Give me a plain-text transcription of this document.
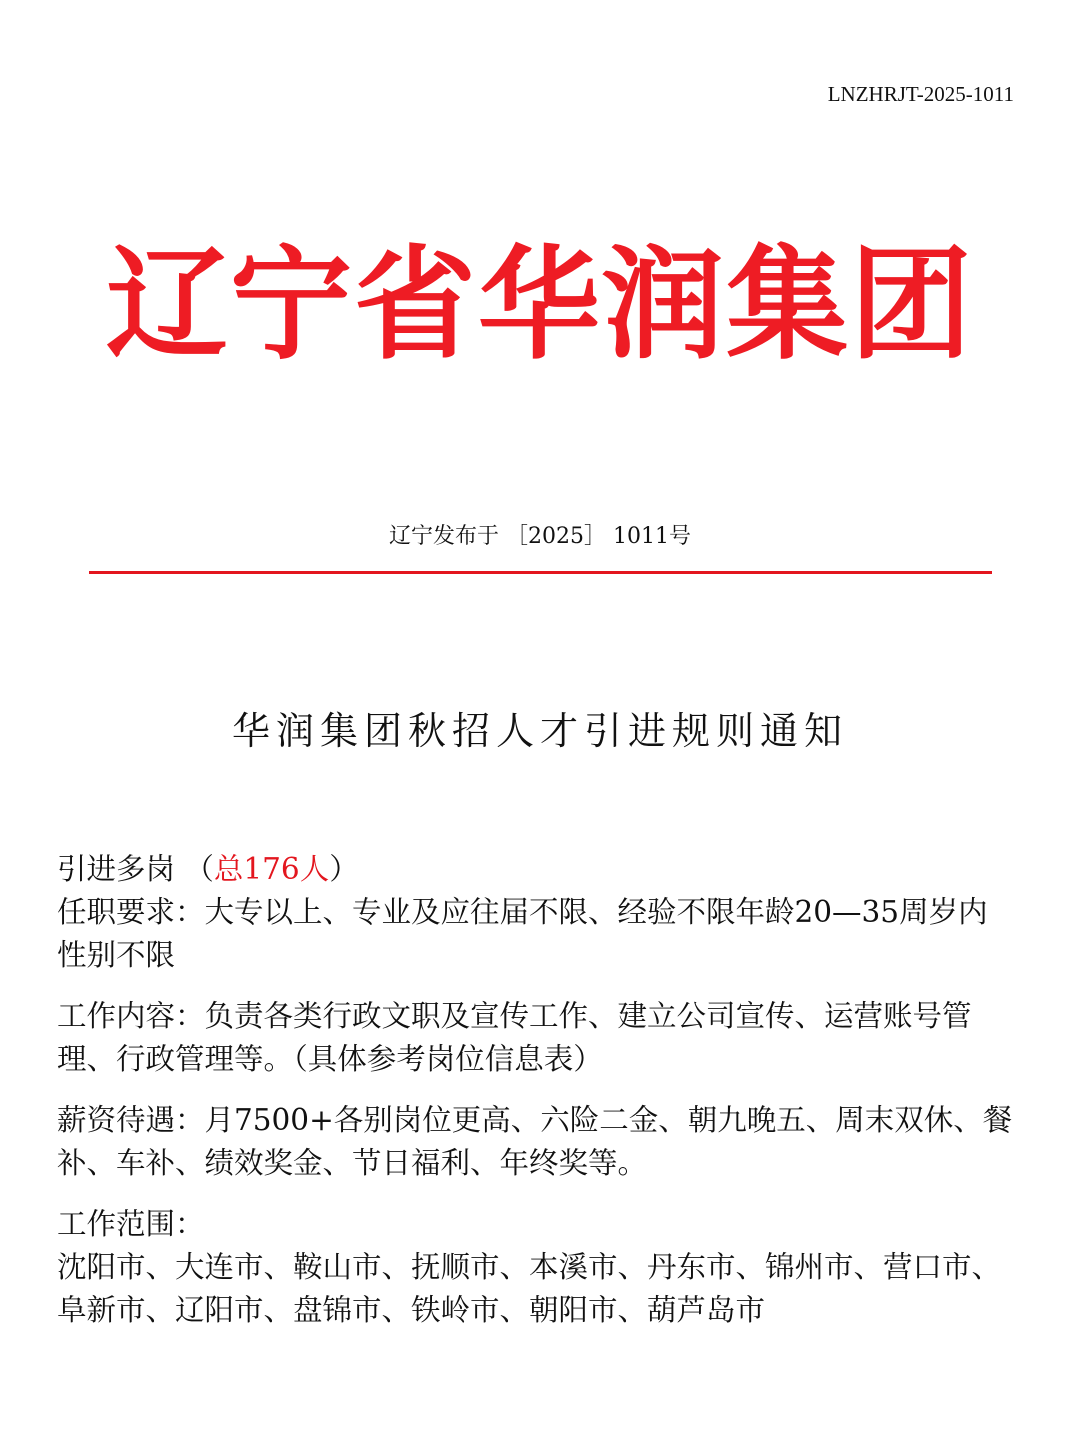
LNZHRJT-2025-1011
辽宁省华润集团
辽宁发布于 ［2025］ 1011号
华润集团秋招人才引进规则通知

引进多岗 （总176人）

任职要求：大专以上、专业及应往届不限、经验不限年龄20—35周岁内

性别不限

工作内容：负责各类行政文职及宣传工作、建立公司宣传、运营账号管

理、行政管理等。（具体参考岗位信息表）

薪资待遇：月7500+各别岗位更高、六险二金、朝九晚五、周末双休、餐

补、车补、绩效奖金、节日福利、年终奖等。

工作范围：

沈阳市、大连市、鞍山市、抚顺市、本溪市、丹东市、锦州市、营口市、

阜新市、辽阳市、盘锦市、铁岭市、朝阳市、葫芦岛市
